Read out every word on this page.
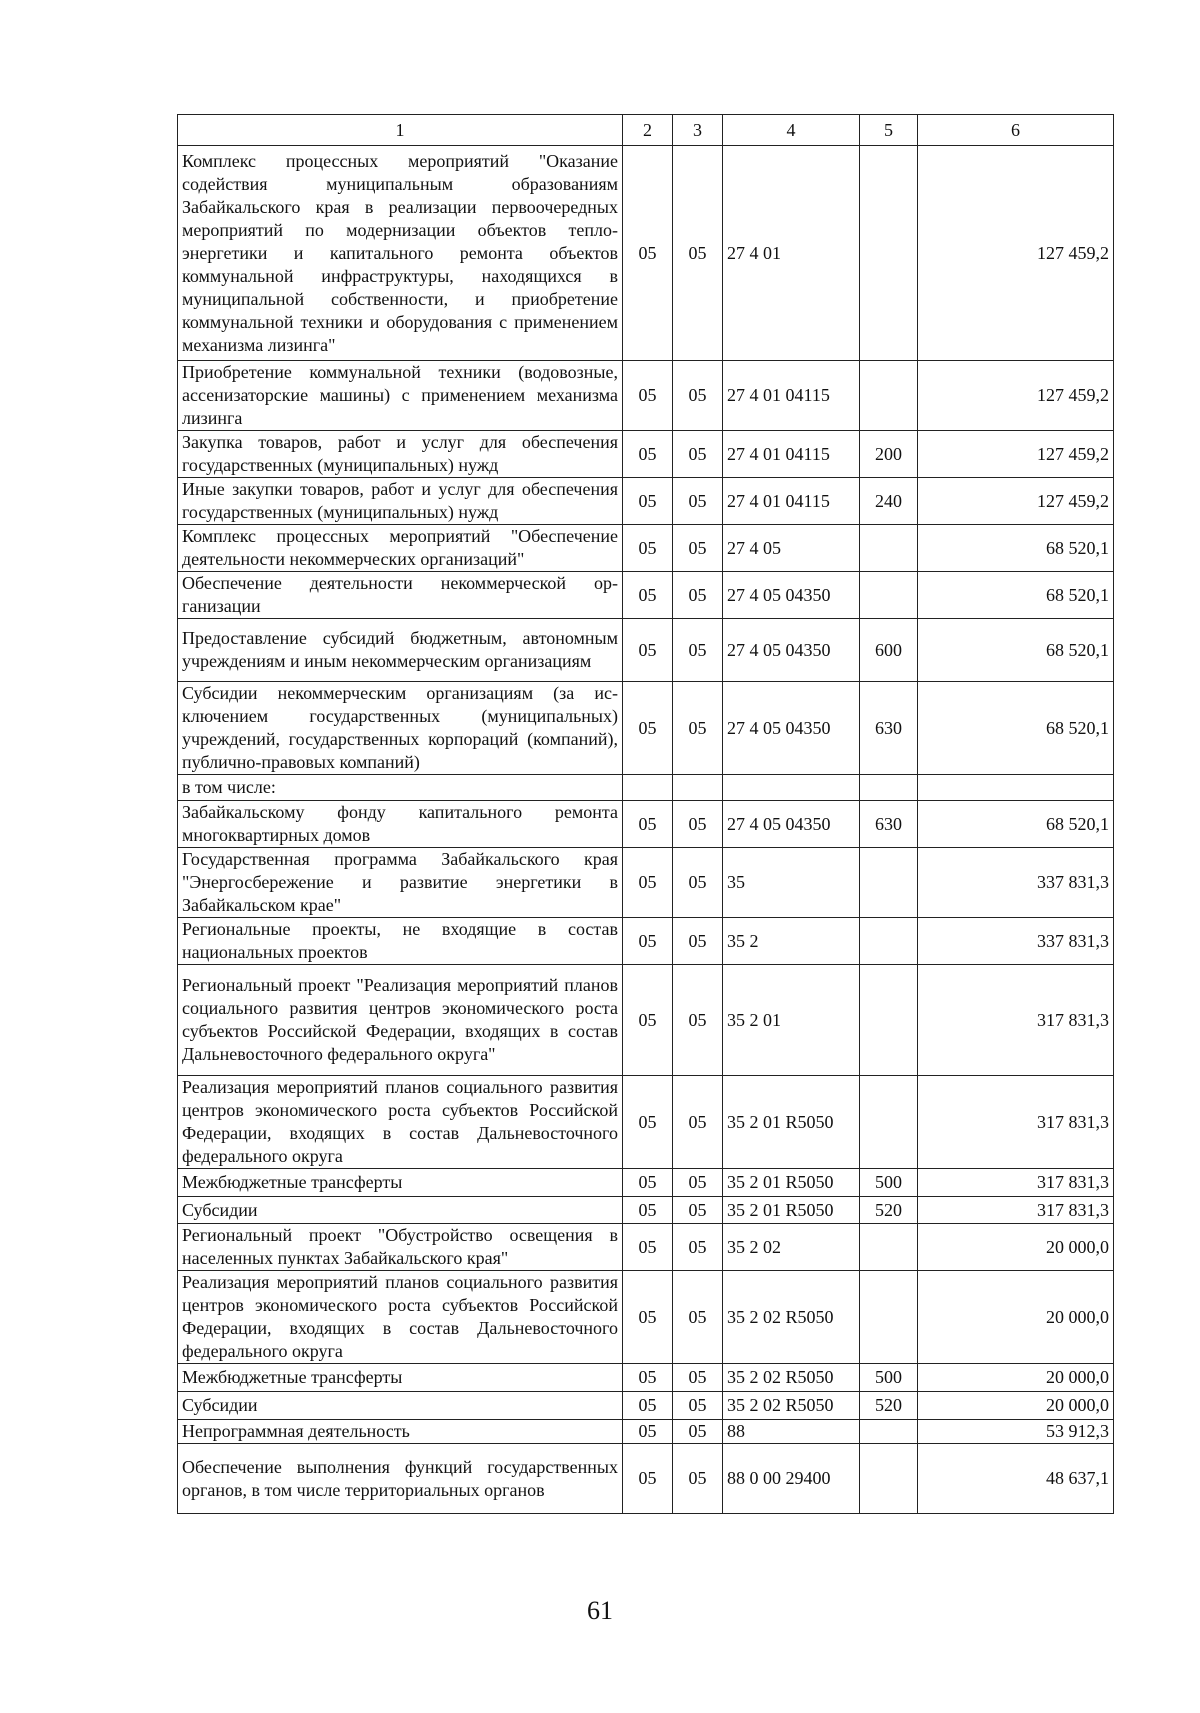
1	2	3	4	5	6
Комплекс процессных мероприятий "Оказание содействия муниципальным образованиям Забайкальского края в реализации первоочередных мероприятий по модернизации объектов теплоэнергетики и капитального ремонта объектов коммунальной инфраструктуры, находящихся в муниципальной собственности, и приобретение коммунальной техники и оборудования с применением механизма лизинга"	05	05	27 4 01		127 459,2
Приобретение коммунальной техники (водовозные, ассенизаторские машины) с применением механизма лизинга	05	05	27 4 01 04115		127 459,2
Закупка товаров, работ и услуг для обеспечения государственных (муниципальных) нужд	05	05	27 4 01 04115	200	127 459,2
Иные закупки товаров, работ и услуг для обеспечения государственных (муниципальных) нужд	05	05	27 4 01 04115	240	127 459,2
Комплекс процессных мероприятий "Обеспечение деятельности некоммерческих организаций"	05	05	27 4 05		68 520,1
Обеспечение деятельности некоммерческой организации	05	05	27 4 05 04350		68 520,1
Предоставление субсидий бюджетным, автономным учреждениям и иным некоммерческим организациям	05	05	27 4 05 04350	600	68 520,1
Субсидии некоммерческим организациям (за исключением государственных (муниципальных) учреждений, государственных корпораций (компаний), публично-правовых компаний)	05	05	27 4 05 04350	630	68 520,1
в том числе:					
Забайкальскому фонду капитального ремонта многоквартирных домов	05	05	27 4 05 04350	630	68 520,1
Государственная программа Забайкальского края "Энергосбережение и развитие энергетики в Забайкальском крае"	05	05	35		337 831,3
Региональные проекты, не входящие в состав национальных проектов	05	05	35 2		337 831,3
Региональный проект "Реализация мероприятий планов социального развития центров экономического роста субъектов Российской Федерации, входящих в состав Дальневосточного федерального округа"	05	05	35 2 01		317 831,3
Реализация мероприятий планов социального развития центров экономического роста субъектов Российской Федерации, входящих в состав Дальневосточного федерального округа	05	05	35 2 01 R5050		317 831,3
Межбюджетные трансферты	05	05	35 2 01 R5050	500	317 831,3
Субсидии	05	05	35 2 01 R5050	520	317 831,3
Региональный проект "Обустройство освещения в населенных пунктах Забайкальского края"	05	05	35 2 02		20 000,0
Реализация мероприятий планов социального развития центров экономического роста субъектов Российской Федерации, входящих в состав Дальневосточного федерального округа	05	05	35 2 02 R5050		20 000,0
Межбюджетные трансферты	05	05	35 2 02 R5050	500	20 000,0
Субсидии	05	05	35 2 02 R5050	520	20 000,0
Непрограммная деятельность	05	05	88		53 912,3
Обеспечение выполнения функций государственных органов, в том числе территориальных органов	05	05	88 0 00 29400		48 637,1
61
